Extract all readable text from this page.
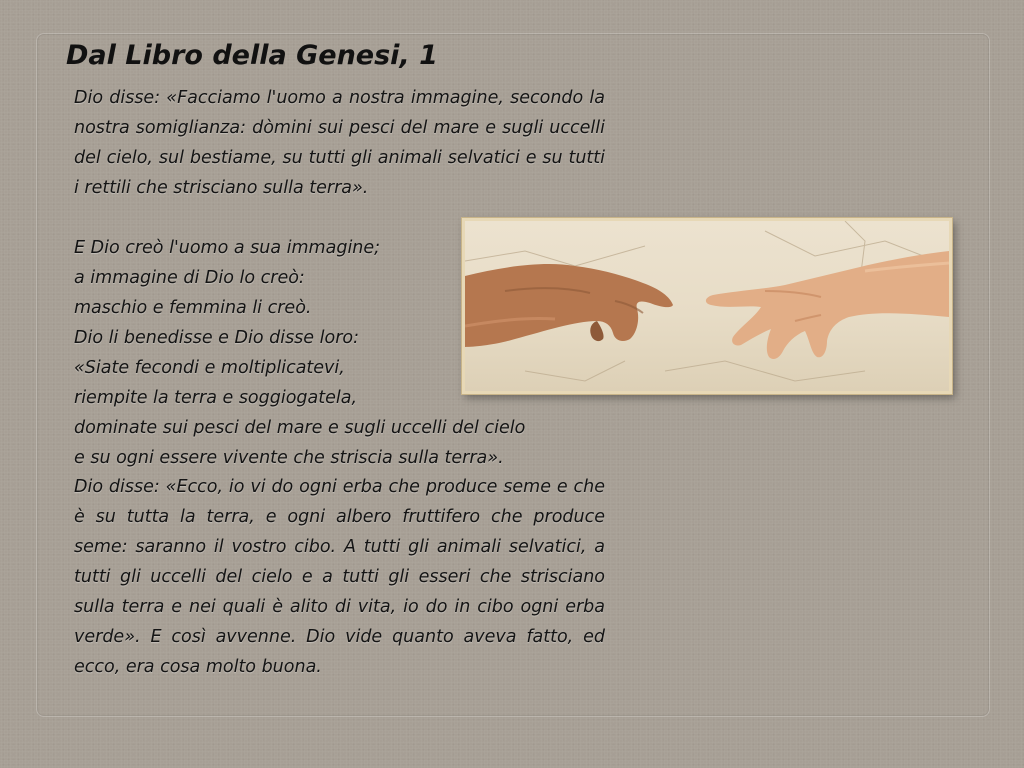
Dal Libro della Genesi, 1
Dio disse: «Facciamo l'uomo a nostra immagine, secondo la nostra somiglianza: dòmini sui pesci del mare e sugli uccelli del cielo, sul bestiame, su tutti gli animali selvatici e su tutti i rettili che strisciano sulla terra».
E Dio creò l'uomo a sua immagine;
a immagine di Dio lo creò:
maschio e femmina li creò.
Dio li benedisse e Dio disse loro:
«Siate fecondi e moltiplicatevi,
riempite la terra e soggiogatela,
dominate sui pesci del mare e sugli uccelli del cielo
e su ogni essere vivente che striscia sulla terra».
Dio disse: «Ecco, io vi do ogni erba che produce seme e che è su tutta la terra, e ogni albero fruttifero che produce seme: saranno il vostro cibo. A tutti gli animali selvatici, a tutti gli uccelli del cielo e a tutti gli esseri che strisciano sulla terra e nei quali è alito di vita, io do in cibo ogni erba verde». E così avvenne. Dio vide quanto aveva fatto, ed ecco, era cosa molto buona.
